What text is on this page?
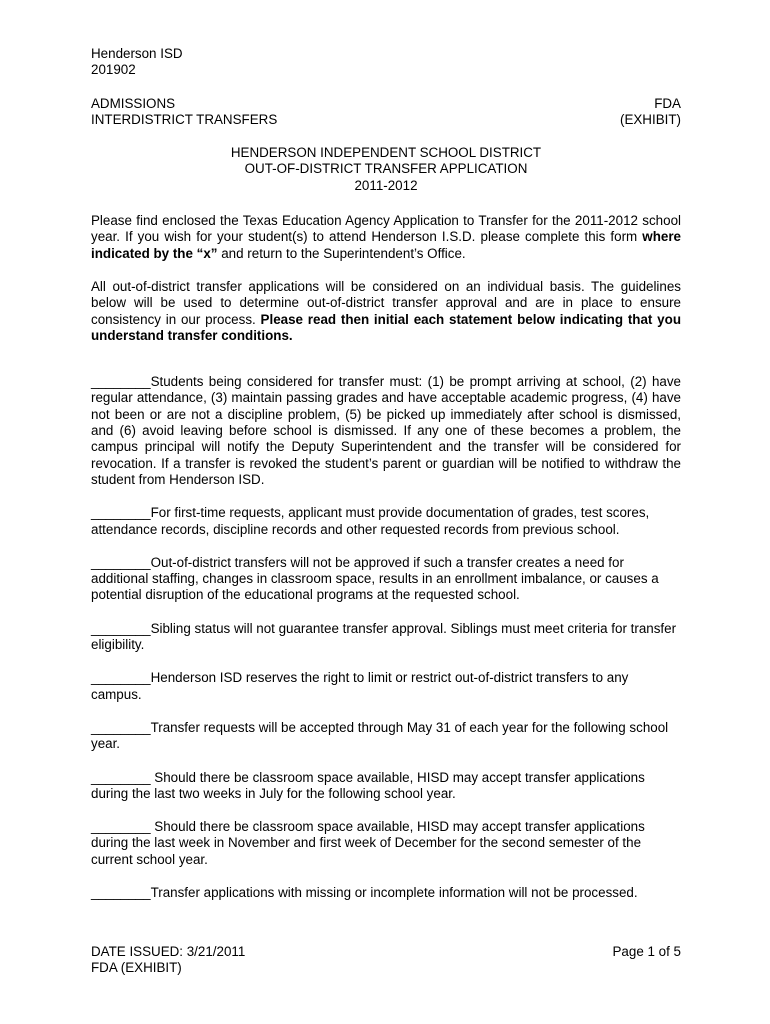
Henderson ISD
201902
ADMISSIONS	FDA
INTERDISTRICT TRANSFERS	(EXHIBIT)
HENDERSON INDEPENDENT SCHOOL DISTRICT
OUT-OF-DISTRICT TRANSFER APPLICATION
2011-2012

Please find enclosed the Texas Education Agency Application to Transfer for the 2011-2012 school year. If you wish for your student(s) to attend Henderson I.S.D. please complete this form where indicated by the “x” and return to the Superintendent’s Office.

All out-of-district transfer applications will be considered on an individual basis. The guidelines below will be used to determine out-of-district transfer approval and are in place to ensure consistency in our process. Please read then initial each statement below indicating that you understand transfer conditions.

________Students being considered for transfer must: (1) be prompt arriving at school, (2) have regular attendance, (3) maintain passing grades and have acceptable academic progress, (4) have not been or are not a discipline problem, (5) be picked up immediately after school is dismissed, and (6) avoid leaving before school is dismissed. If any one of these becomes a problem, the campus principal will notify the Deputy Superintendent and the transfer will be considered for revocation. If a transfer is revoked the student’s parent or guardian will be notified to withdraw the student from Henderson ISD.

________For first-time requests, applicant must provide documentation of grades, test scores, attendance records, discipline records and other requested records from previous school.

________Out-of-district transfers will not be approved if such a transfer creates a need for additional staffing, changes in classroom space, results in an enrollment imbalance, or causes a potential disruption of the educational programs at the requested school.

________Sibling status will not guarantee transfer approval. Siblings must meet criteria for transfer eligibility.

________Henderson ISD reserves the right to limit or restrict out-of-district transfers to any campus.

________Transfer requests will be accepted through May 31 of each year for the following school year.

________ Should there be classroom space available, HISD may accept transfer applications during the last two weeks in July for the following school year.

________ Should there be classroom space available, HISD may accept transfer applications during the last week in November and first week of December for the second semester of the current school year.

________Transfer applications with missing or incomplete information will not be processed.

DATE ISSUED: 3/21/2011	Page 1 of 5
FDA (EXHIBIT)
